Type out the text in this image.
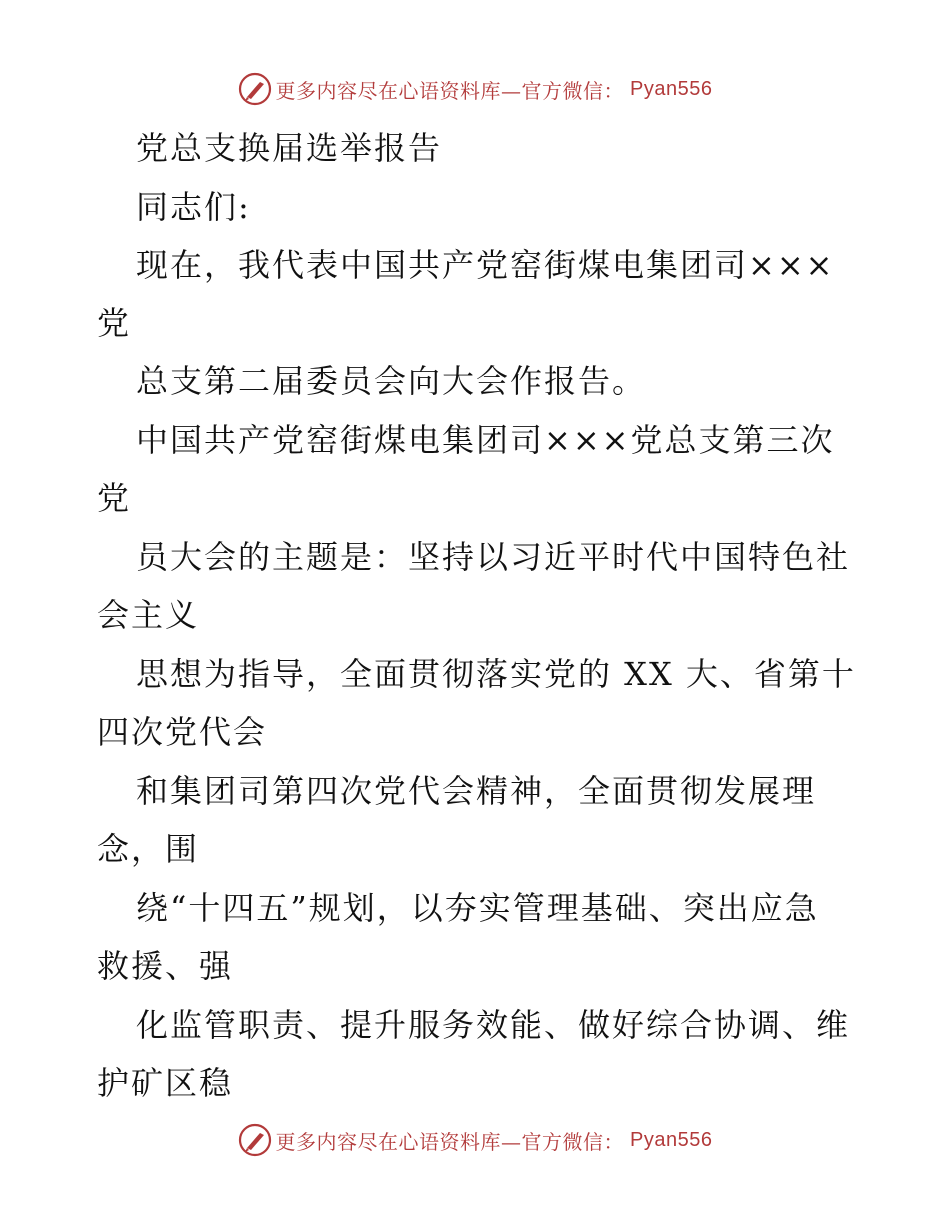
更多内容尽在心语资料库—官方微信： Pyan556
党总支换届选举报告
同志们:
现在，我代表中国共产党窑街煤电集团司×××
党
总支第二届委员会向大会作报告。
中国共产党窑街煤电集团司×××党总支第三次
党
员大会的主题是：坚持以习近平时代中国特色社
会主义
思想为指导，全面贯彻落实党的 XX 大、省第十
四次党代会
和集团司第四次党代会精神，全面贯彻发展理
念，围
绕“十四五”规划，以夯实管理基础、突出应急
救援、强
化监管职责、提升服务效能、做好综合协调、维
护矿区稳
更多内容尽在心语资料库—官方微信： Pyan556
